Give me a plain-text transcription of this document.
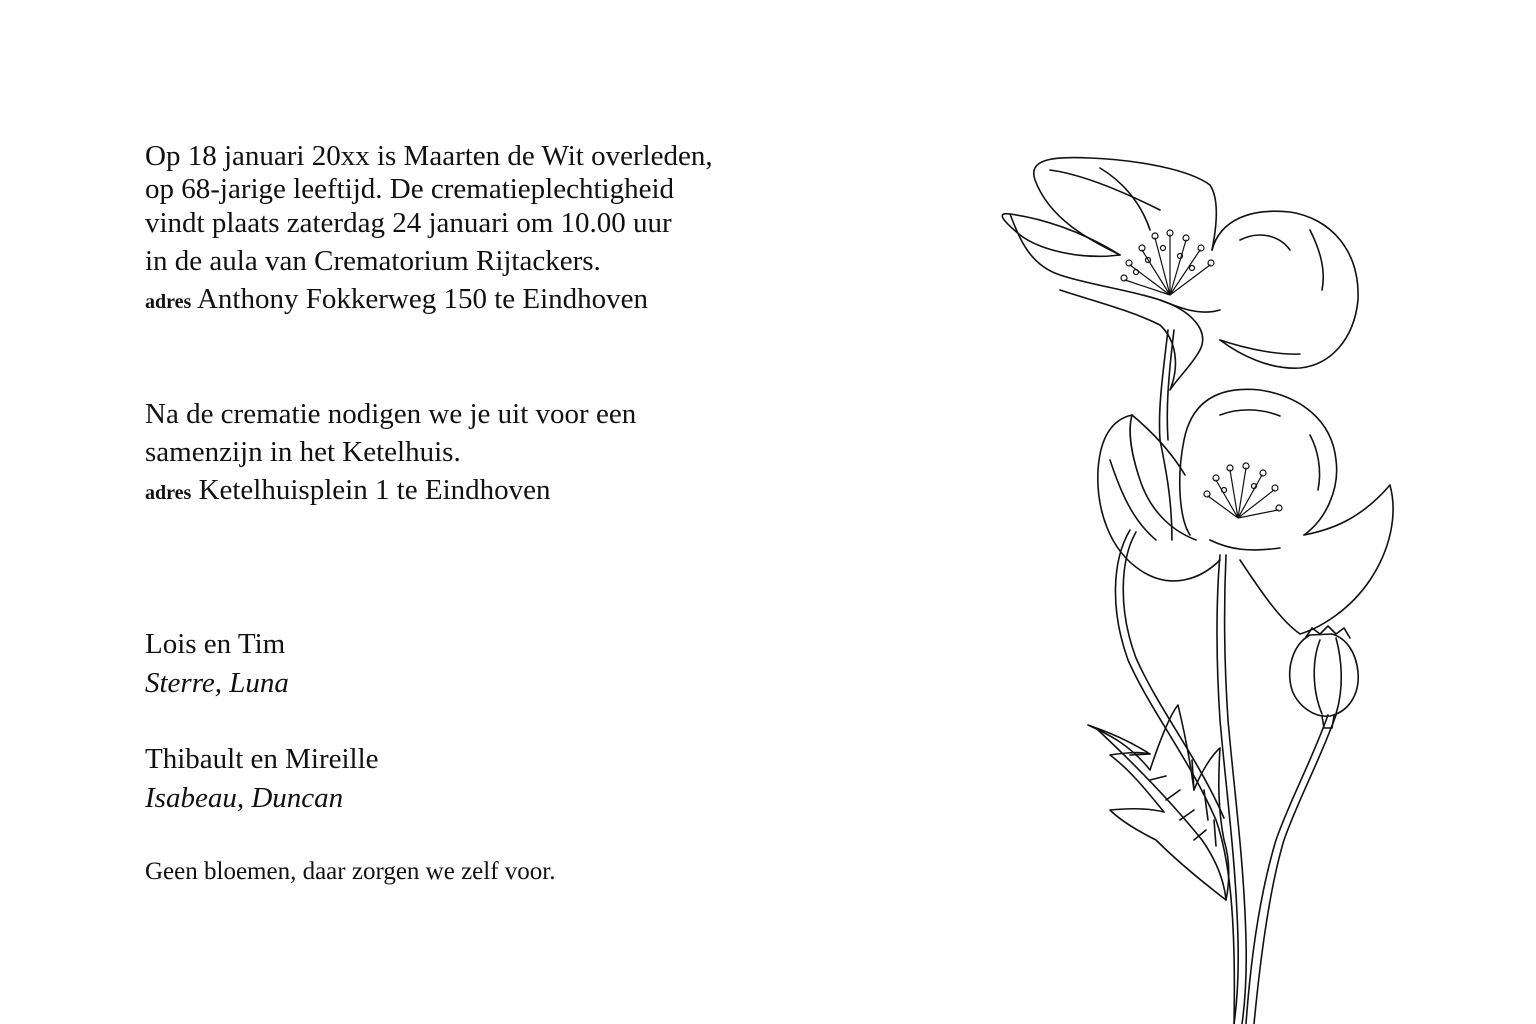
Op 18 januari 20xx is Maarten de Wit overleden,
op 68-jarige leeftijd. De crematieplechtigheid
vindt plaats zaterdag 24 januari om 10.00 uur
in de aula van Crematorium Rijtackers.
adres Anthony Fokkerweg 150 te Eindhoven
Na de crematie nodigen we je uit voor een
samenzijn in het Ketelhuis.
adres Ketelhuisplein 1 te Eindhoven
Lois en Tim
Sterre, Luna
Thibault en Mireille
Isabeau, Duncan
Geen bloemen, daar zorgen we zelf voor.
